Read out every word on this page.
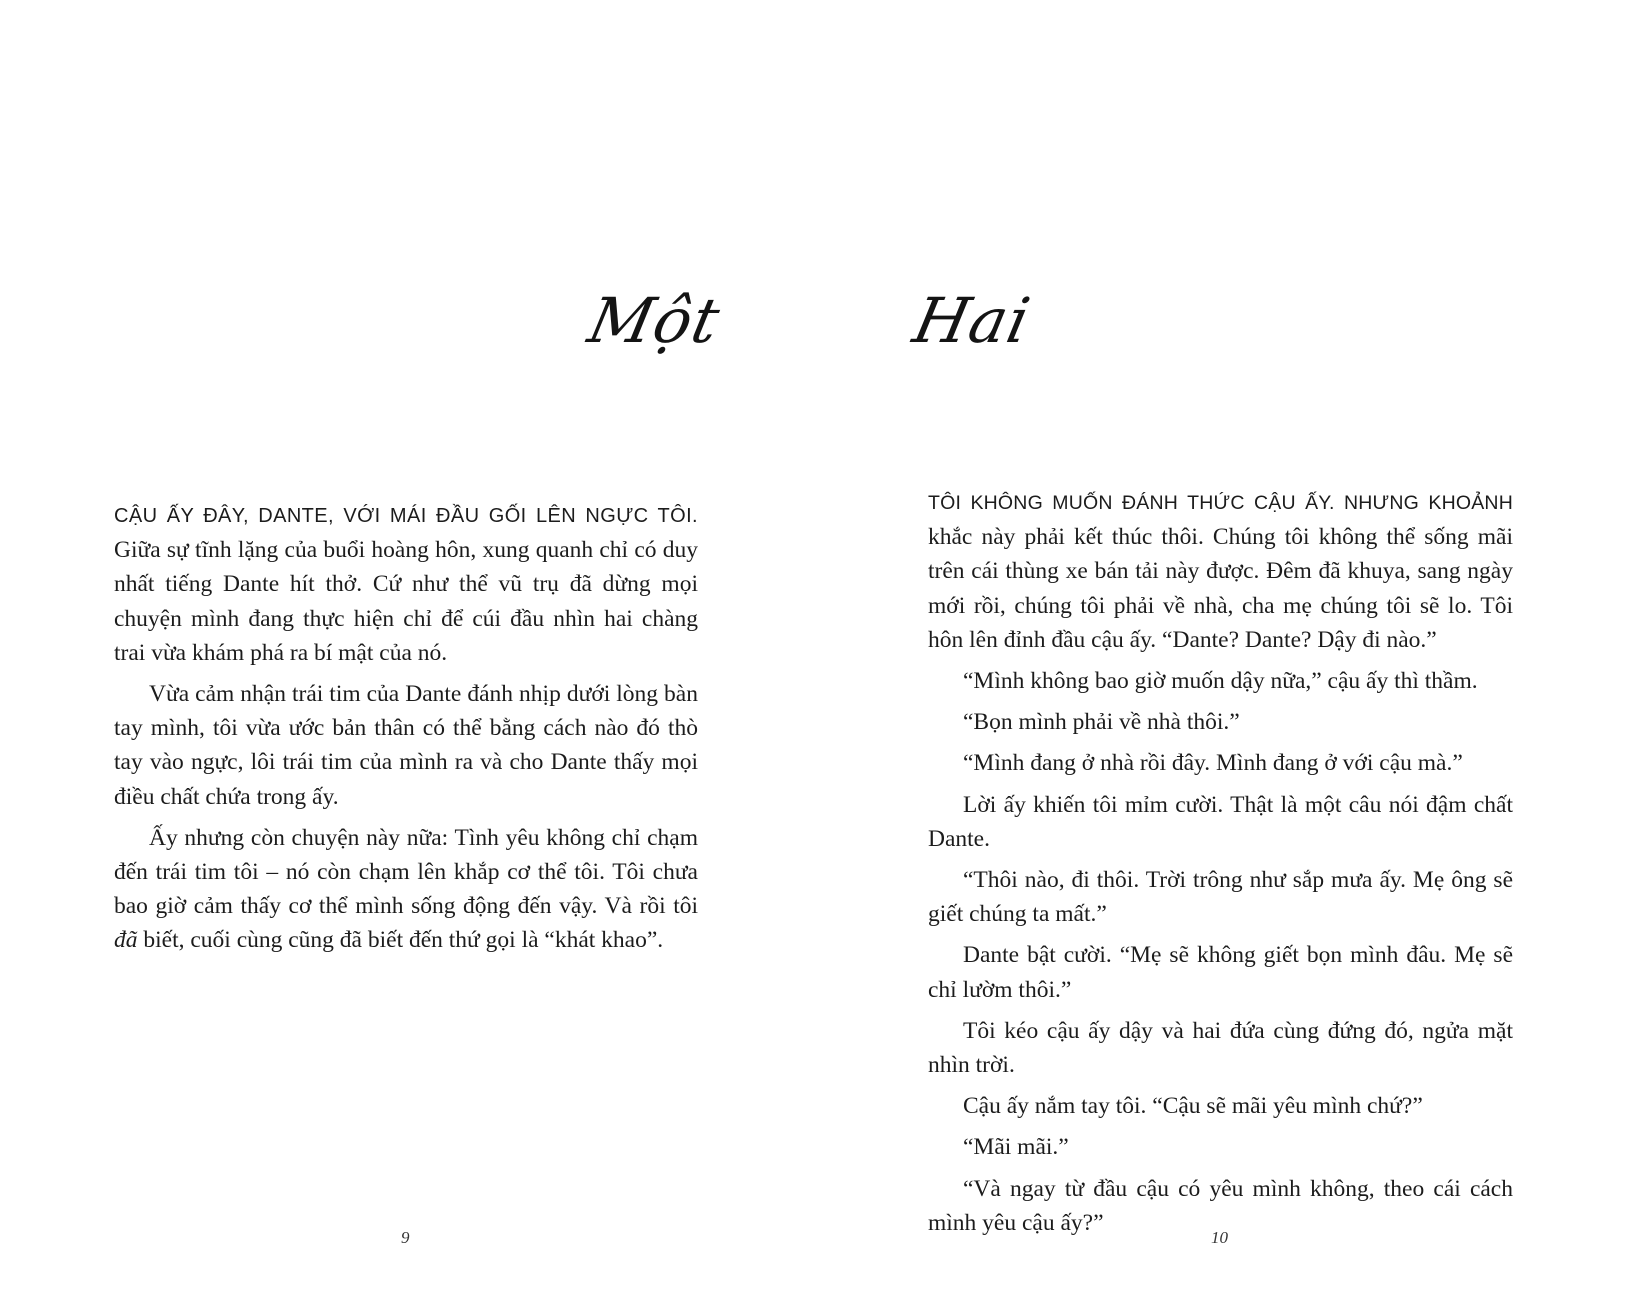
Một

CẬU ẤY ĐÂY, DANTE, VỚI MÁI ĐẦU GỐI LÊN NGỰC TÔI. Giữa sự tĩnh lặng của buổi hoàng hôn, xung quanh chỉ có duy nhất tiếng Dante hít thở. Cứ như thể vũ trụ đã dừng mọi chuyện mình đang thực hiện chỉ để cúi đầu nhìn hai chàng trai vừa khám phá ra bí mật của nó.

Vừa cảm nhận trái tim của Dante đánh nhịp dưới lòng bàn tay mình, tôi vừa ước bản thân có thể bằng cách nào đó thò tay vào ngực, lôi trái tim của mình ra và cho Dante thấy mọi điều chất chứa trong ấy.

Ấy nhưng còn chuyện này nữa: Tình yêu không chỉ chạm đến trái tim tôi – nó còn chạm lên khắp cơ thể tôi. Tôi chưa bao giờ cảm thấy cơ thể mình sống động đến vậy. Và rồi tôi đã biết, cuối cùng cũng đã biết đến thứ gọi là “khát khao”.

9
Hai

TÔI KHÔNG MUỐN ĐÁNH THỨC CẬU ẤY. NHƯNG KHOẢNH khắc này phải kết thúc thôi. Chúng tôi không thể sống mãi trên cái thùng xe bán tải này được. Đêm đã khuya, sang ngày mới rồi, chúng tôi phải về nhà, cha mẹ chúng tôi sẽ lo. Tôi hôn lên đỉnh đầu cậu ấy. “Dante? Dante? Dậy đi nào.”

“Mình không bao giờ muốn dậy nữa,” cậu ấy thì thầm.

“Bọn mình phải về nhà thôi.”

“Mình đang ở nhà rồi đây. Mình đang ở với cậu mà.”

Lời ấy khiến tôi mỉm cười. Thật là một câu nói đậm chất Dante.

“Thôi nào, đi thôi. Trời trông như sắp mưa ấy. Mẹ ông sẽ giết chúng ta mất.”

Dante bật cười. “Mẹ sẽ không giết bọn mình đâu. Mẹ sẽ chỉ lườm thôi.”

Tôi kéo cậu ấy dậy và hai đứa cùng đứng đó, ngửa mặt nhìn trời.

Cậu ấy nắm tay tôi. “Cậu sẽ mãi yêu mình chứ?”

“Mãi mãi.”

“Và ngay từ đầu cậu có yêu mình không, theo cái cách mình yêu cậu ấy?”

10
